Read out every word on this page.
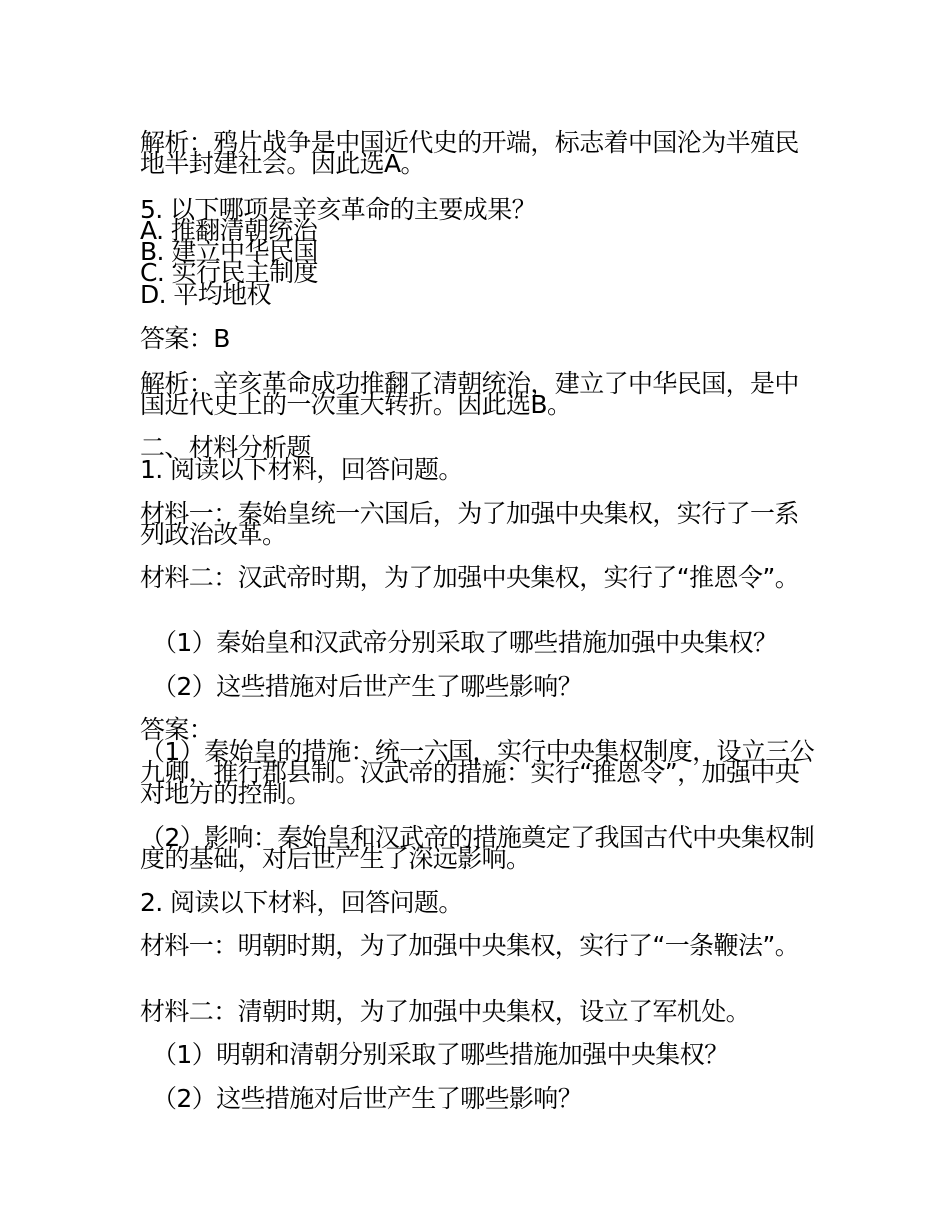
解析：鸦片战争是中国近代史的开端，标志着中国沦为半殖民地半封建社会。因此选A。
5. 以下哪项是辛亥革命的主要成果？
A. 推翻清朝统治
B. 建立中华民国
C. 实行民主制度
D. 平均地权
答案：B
解析：辛亥革命成功推翻了清朝统治，建立了中华民国，是中国近代史上的一次重大转折。因此选B。
二、材料分析题
1. 阅读以下材料，回答问题。
材料一：秦始皇统一六国后，为了加强中央集权，实行了一系列政治改革。
材料二：汉武帝时期，为了加强中央集权，实行了“推恩令”。
（1）秦始皇和汉武帝分别采取了哪些措施加强中央集权？
（2）这些措施对后世产生了哪些影响？
答案：
（1）秦始皇的措施：统一六国，实行中央集权制度，设立三公九卿，推行郡县制。汉武帝的措施：实行“推恩令”，加强中央对地方的控制。
（2）影响：秦始皇和汉武帝的措施奠定了我国古代中央集权制度的基础，对后世产生了深远影响。
2. 阅读以下材料，回答问题。
材料一：明朝时期，为了加强中央集权，实行了“一条鞭法”。
材料二：清朝时期，为了加强中央集权，设立了军机处。
（1）明朝和清朝分别采取了哪些措施加强中央集权？
（2）这些措施对后世产生了哪些影响？
